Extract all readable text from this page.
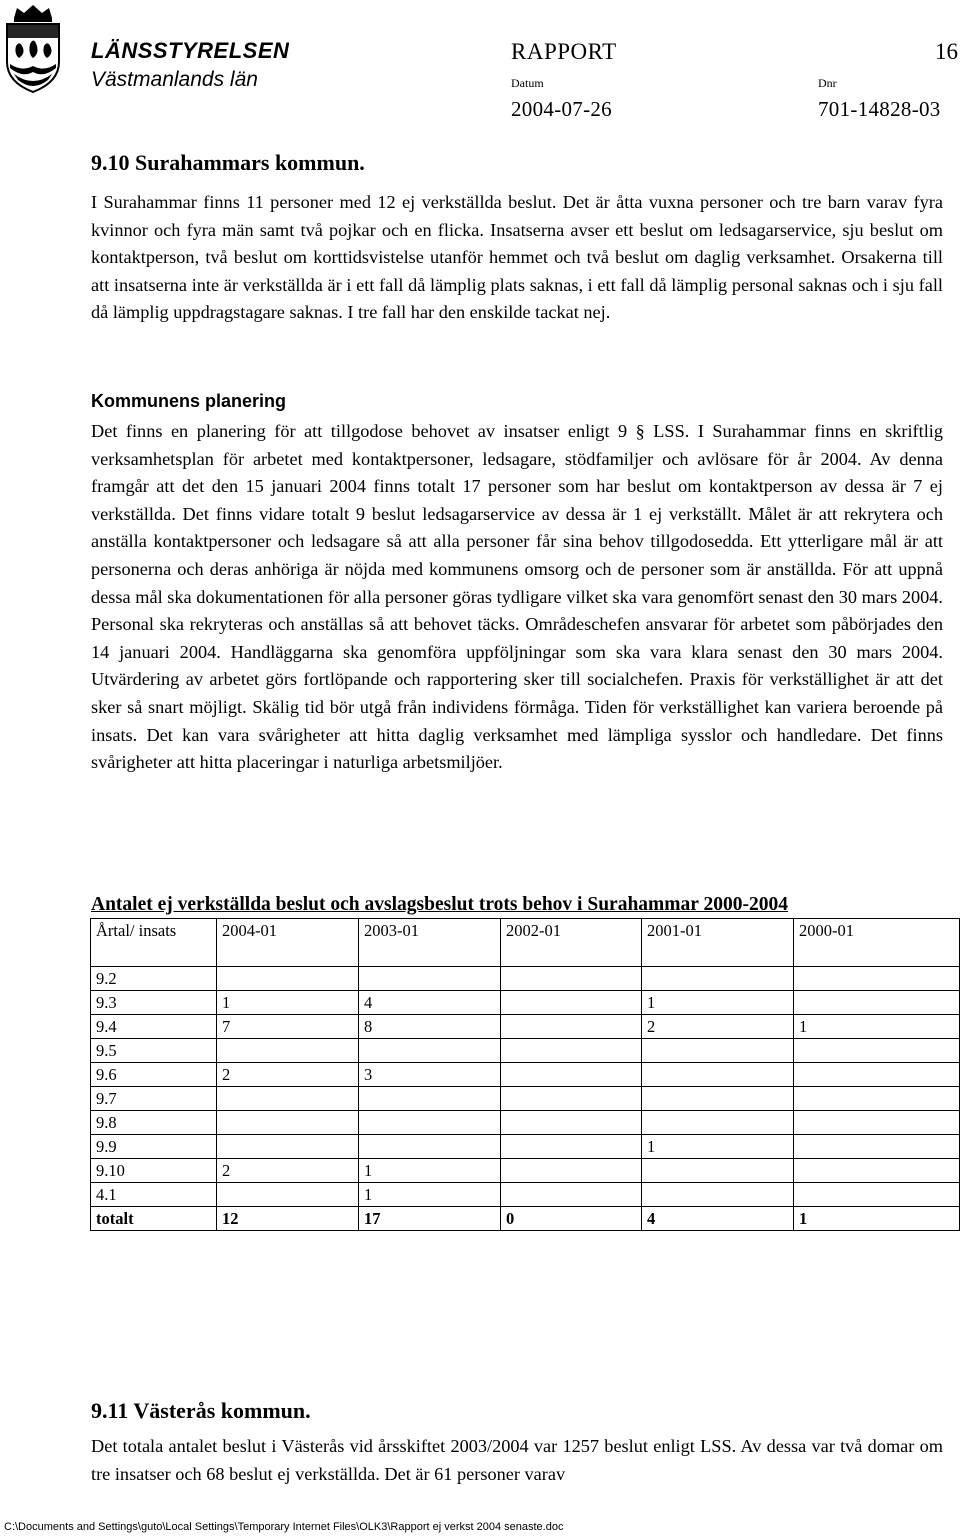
LÄNSSTYRELSEN

Västmanlands län

RAPPORT	16

Datum	Dnr

2004-07-26	701-14828-03

9.10 Surahammars kommun.

I Surahammar finns 11 personer med 12 ej verkställda beslut. Det är åtta vuxna personer och tre barn varav fyra kvinnor och fyra män samt två pojkar och en flicka. Insatserna avser ett beslut om ledsagarservice, sju beslut om kontaktperson, två beslut om korttidsvistelse utanför hemmet och två beslut om daglig verksamhet. Orsakerna till att insatserna inte är verkställda är i ett fall då lämplig plats saknas, i ett fall då lämplig personal saknas och i sju fall då lämplig uppdragstagare saknas. I tre fall har den enskilde tackat nej.

Kommunens planering

Det finns en planering för att tillgodose behovet av insatser enligt 9 § LSS. I Surahammar finns en skriftlig verksamhetsplan för arbetet med kontaktpersoner, ledsagare, stödfamiljer och avlösare för år 2004. Av denna framgår att det den 15 januari 2004 finns totalt 17 personer som har beslut om kontaktperson av dessa är 7 ej verkställda. Det finns vidare totalt 9 beslut ledsagarservice av dessa är 1 ej verkställt. Målet är att rekrytera och anställa kontaktpersoner och ledsagare så att alla personer får sina behov tillgodosedda. Ett ytterligare mål är att personerna och deras anhöriga är nöjda med kommunens omsorg och de personer som är anställda. För att uppnå dessa mål ska dokumentationen för alla personer göras tydligare vilket ska vara genomfört senast den 30 mars 2004. Personal ska rekryteras och anställas så att behovet täcks. Områdeschefen ansvarar för arbetet som påbörjades den 14 januari 2004. Handläggarna ska genomföra uppföljningar som ska vara klara senast den 30 mars 2004. Utvärdering av arbetet görs fortlöpande och rapportering sker till socialchefen. Praxis för verkställighet är att det sker så snart möjligt. Skälig tid bör utgå från individens förmåga. Tiden för verkställighet kan variera beroende på insats. Det kan vara svårigheter att hitta daglig verksamhet med lämpliga sysslor och handledare. Det finns svårigheter att hitta placeringar i naturliga arbetsmiljöer.

Antalet ej verkställda beslut och avslagsbeslut trots behov i Surahammar 2000-2004

Årtal/ insats	2004-01	2003-01	2002-01	2001-01	2000-01
9.2					
9.3	1	4		1	
9.4	7	8		2	1
9.5					
9.6	2	3			
9.7					
9.8					
9.9				1	
9.10	2	1			
4.1		1			
totalt	12	17	0	4	1
9.11 Västerås kommun.

Det totala antalet beslut i Västerås vid årsskiftet 2003/2004 var 1257 beslut enligt LSS. Av dessa var två domar om tre insatser och 68 beslut ej verkställda. Det är 61 personer varav

C:\Documents and Settings\guto\Local Settings\Temporary Internet Files\OLK3\Rapport ej verkst 2004 senaste.doc
